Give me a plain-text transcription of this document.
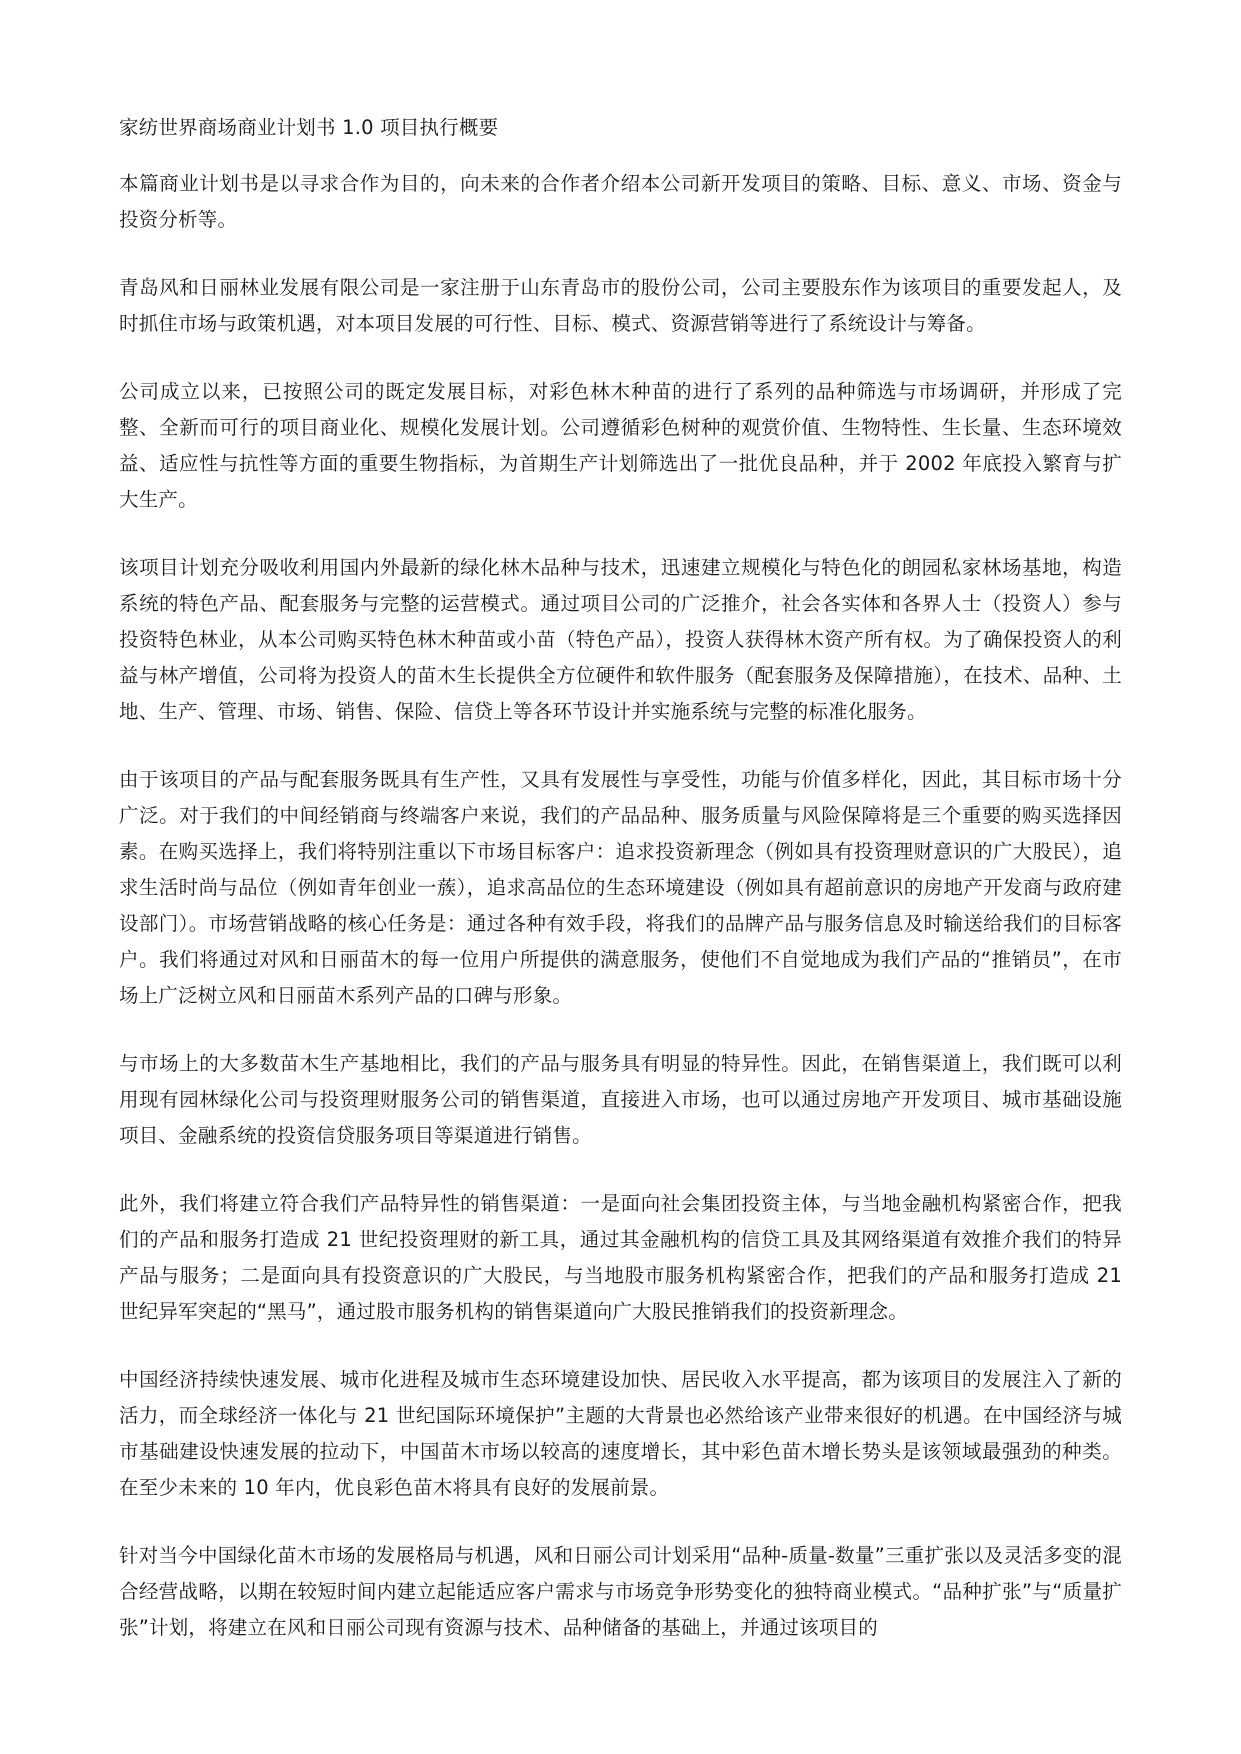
家纺世界商场商业计划书 1.0 项目执行概要

本篇商业计划书是以寻求合作为目的，向未来的合作者介绍本公司新开发项目的策略、目标、意义、市场、资金与投资分析等。

青岛风和日丽林业发展有限公司是一家注册于山东青岛市的股份公司，公司主要股东作为该项目的重要发起人，及时抓住市场与政策机遇，对本项目发展的可行性、目标、模式、资源营销等进行了系统设计与筹备。

公司成立以来，已按照公司的既定发展目标，对彩色林木种苗的进行了系列的品种筛选与市场调研，并形成了完整、全新而可行的项目商业化、规模化发展计划。公司遵循彩色树种的观赏价值、生物特性、生长量、生态环境效益、适应性与抗性等方面的重要生物指标，为首期生产计划筛选出了一批优良品种，并于 2002 年底投入繁育与扩大生产。

该项目计划充分吸收利用国内外最新的绿化林木品种与技术，迅速建立规模化与特色化的朗园私家林场基地，构造系统的特色产品、配套服务与完整的运营模式。通过项目公司的广泛推介，社会各实体和各界人士（投资人）参与投资特色林业，从本公司购买特色林木种苗或小苗（特色产品），投资人获得林木资产所有权。为了确保投资人的利益与林产增值，公司将为投资人的苗木生长提供全方位硬件和软件服务（配套服务及保障措施），在技术、品种、土地、生产、管理、市场、销售、保险、信贷上等各环节设计并实施系统与完整的标准化服务。

由于该项目的产品与配套服务既具有生产性，又具有发展性与享受性，功能与价值多样化，因此，其目标市场十分广泛。对于我们的中间经销商与终端客户来说，我们的产品品种、服务质量与风险保障将是三个重要的购买选择因素。在购买选择上，我们将特别注重以下市场目标客户：追求投资新理念（例如具有投资理财意识的广大股民），追求生活时尚与品位（例如青年创业一蔟），追求高品位的生态环境建设（例如具有超前意识的房地产开发商与政府建设部门）。市场营销战略的核心任务是：通过各种有效手段，将我们的品牌产品与服务信息及时输送给我们的目标客户。我们将通过对风和日丽苗木的每一位用户所提供的满意服务，使他们不自觉地成为我们产品的“推销员”，在市场上广泛树立风和日丽苗木系列产品的口碑与形象。

与市场上的大多数苗木生产基地相比，我们的产品与服务具有明显的特异性。因此，在销售渠道上，我们既可以利用现有园林绿化公司与投资理财服务公司的销售渠道，直接进入市场，也可以通过房地产开发项目、城市基础设施项目、金融系统的投资信贷服务项目等渠道进行销售。

此外，我们将建立符合我们产品特异性的销售渠道：一是面向社会集团投资主体，与当地金融机构紧密合作，把我们的产品和服务打造成 21 世纪投资理财的新工具，通过其金融机构的信贷工具及其网络渠道有效推介我们的特异产品与服务；二是面向具有投资意识的广大股民，与当地股市服务机构紧密合作，把我们的产品和服务打造成 21 世纪异军突起的“黑马”，通过股市服务机构的销售渠道向广大股民推销我们的投资新理念。

中国经济持续快速发展、城市化进程及城市生态环境建设加快、居民收入水平提高，都为该项目的发展注入了新的活力，而全球经济一体化与 21 世纪国际环境保护”主题的大背景也必然给该产业带来很好的机遇。在中国经济与城市基础建设快速发展的拉动下，中国苗木市场以较高的速度增长，其中彩色苗木增长势头是该领域最强劲的种类。在至少未来的 10 年内，优良彩色苗木将具有良好的发展前景。

针对当今中国绿化苗木市场的发展格局与机遇，风和日丽公司计划采用“品种-质量-数量”三重扩张以及灵活多变的混合经营战略，以期在较短时间内建立起能适应客户需求与市场竞争形势变化的独特商业模式。“品种扩张”与“质量扩张”计划，将建立在风和日丽公司现有资源与技术、品种储备的基础上，并通过该项目的
